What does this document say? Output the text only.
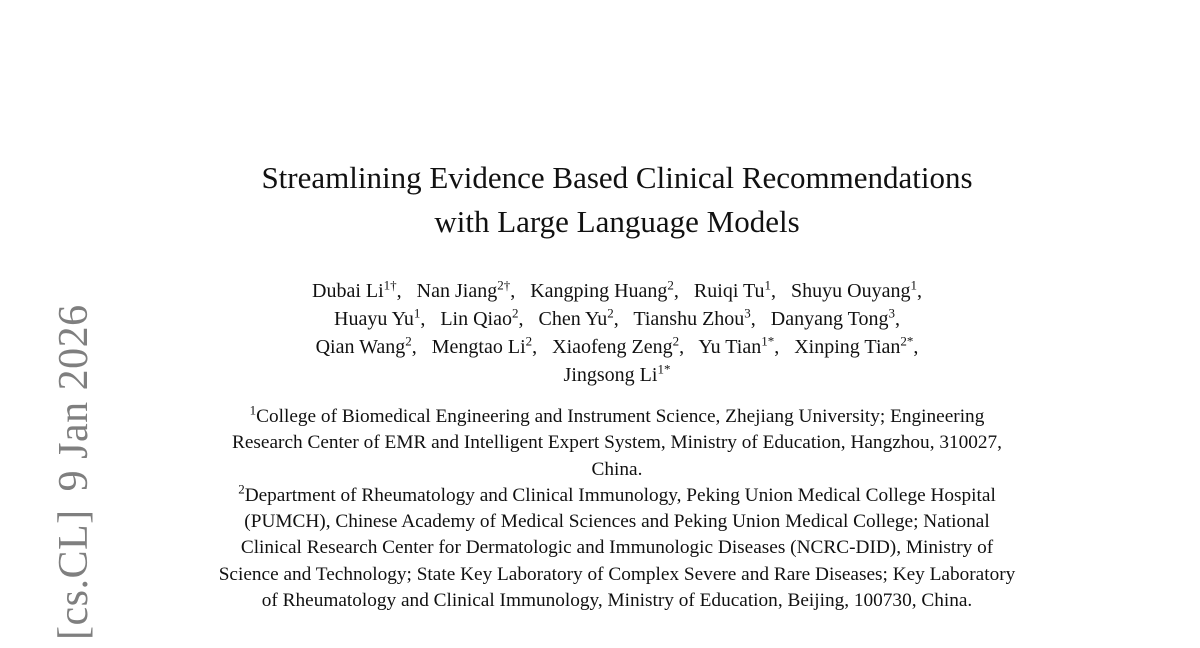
[cs.CL]9 Jan 2026
Streamlining Evidence Based Clinical Recommendations
with Large Language Models
Dubai $Li^{1\dagger}$,   Nan Jiang$^{2\dagger}$,   Kangping Huang$^2$,   Ruiqi Tu$^1$,   Shuyu Ouyang$^1$,
Huayu Yu$^1$,   Lin Qiao$^2$,   Chen Yu$^2$,   Tianshu Zhou$^3$,   Danyang Tong$^3$,
Qian Wang$^2$,   Mengtao Li$^2$,   Xiaofeng Zeng$^2$,   Yu Tian$^{1*}$,   Xinping Tian$^{2*}$,
Jingsong $Li^{1*}$
$^1$College of Biomedical Engineering and Instrument Science, Zhejiang University; Engineering Research Center of EMR and Intelligent Expert System, Ministry of Education, Hangzhou, 310027, China.
$^2$Department of Rheumatology and Clinical Immunology, Peking Union Medical College Hospital (PUMCH), Chinese Academy of Medical Sciences and Peking Union Medical College; National Clinical Research Center for Dermatologic and Immunologic Diseases (NCRC-DID), Ministry of Science and Technology; State Key Laboratory of Complex Severe and Rare Diseases; Key Laboratory of Rheumatology and Clinical Immunology, Ministry of Education, Beijing, 100730, China.
